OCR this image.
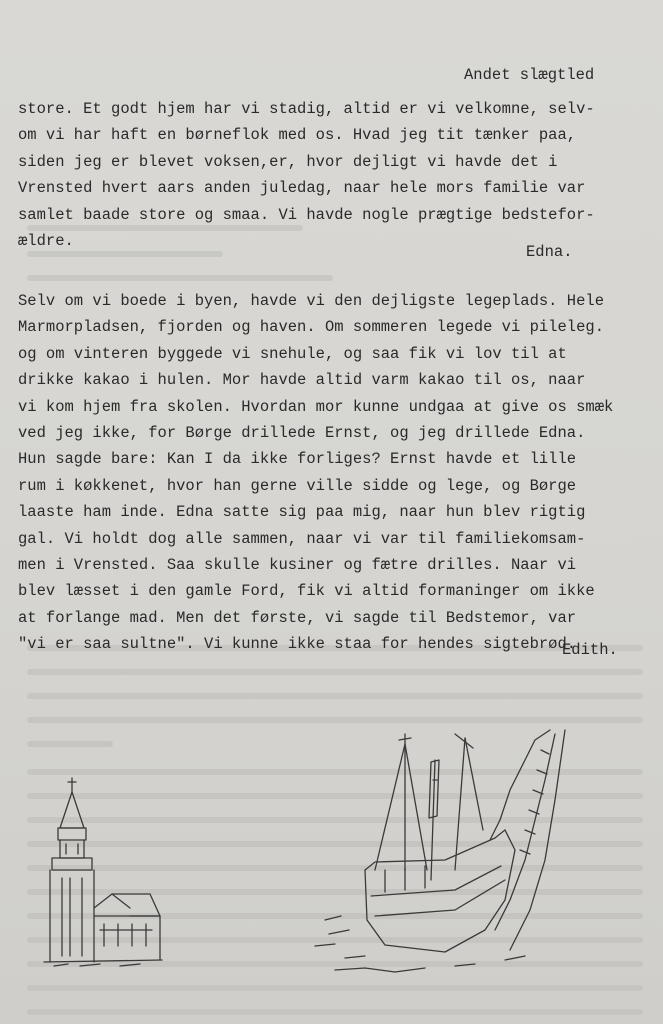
Andet slægtled
store. Et godt hjem har vi stadig, altid er vi velkomne, selv-
om vi har haft en børneflok med os. Hvad jeg tit tænker paa,
siden jeg er blevet voksen,er, hvor dejligt vi havde det i
Vrensted hvert aars anden juledag, naar hele mors familie var
samlet baade store og smaa. Vi havde nogle prægtige bedstefor-
ældre.
Edna.
Selv om vi boede i byen, havde vi den dejligste legeplads. Hele
Marmorpladsen, fjorden og haven. Om sommeren legede vi pileleg.
og om vinteren byggede vi snehule, og saa fik vi lov til at
drikke kakao i hulen. Mor havde altid varm kakao til os, naar
vi kom hjem fra skolen. Hvordan mor kunne undgaa at give os smæk
ved jeg ikke, for Børge drillede Ernst, og jeg drillede Edna.
Hun sagde bare: Kan I da ikke forliges? Ernst havde et lille
rum i køkkenet, hvor han gerne ville sidde og lege, og Børge
laaste ham inde. Edna satte sig paa mig, naar hun blev rigtig
gal. Vi holdt dog alle sammen, naar vi var til familiekomsam-
men i Vrensted. Saa skulle kusiner og fætre drilles. Naar vi
blev læsset i den gamle Ford, fik vi altid formaninger om ikke
at forlange mad. Men det første, vi sagde til Bedstemor, var
"vi er saa sultne". Vi kunne ikke staa for hendes sigtebrød.
Edith.
